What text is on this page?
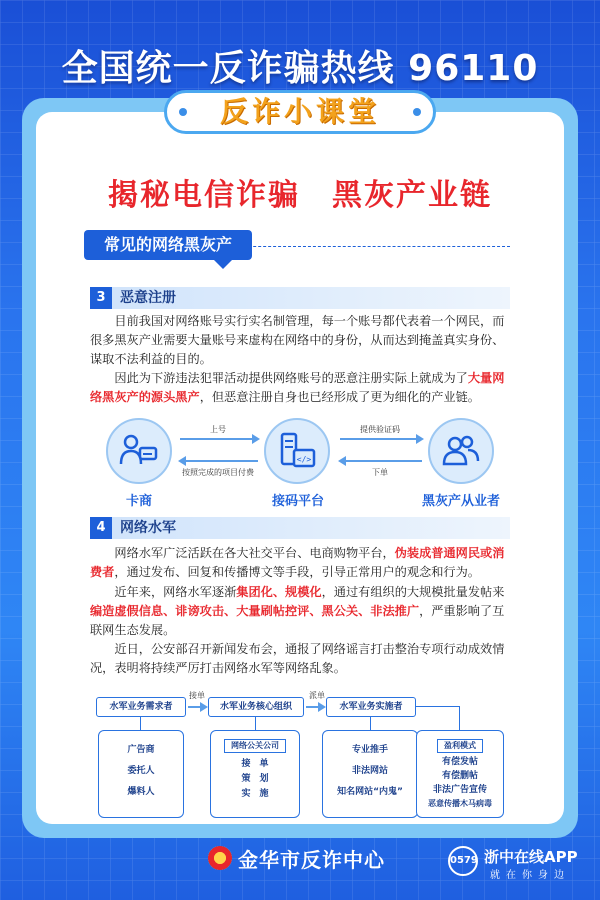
全国统一反诈骗热线 96110
反诈小课堂
揭秘电信诈骗　黑灰产业链
常见的网络黑灰产
3	恶意注册

目前我国对网络账号实行实名制管理，每一个账号都代表着一个网民，而很多黑灰产业需要大量账号来虚构在网络中的身份，从而达到掩盖真实身份、谋取不法利益的目的。

因此为下游违法犯罪活动提供网络账号的恶意注册实际上就成为了大量网络黑灰产的源头黑产，但恶意注册自身也已经形成了更为细化的产业链。

卡商
</>
接码平台	黑灰产从业者
上号
按照完成的项目付费
提供验证码
下单
4	网络水军

网络水军广泛活跃在各大社交平台、电商购物平台，伪装成普通网民或消费者，通过发布、回复和传播博文等手段，引导正常用户的观念和行为。

近年来，网络水军逐渐集团化、规模化，通过有组织的大规模批量发帖来编造虚假信息、诽谤攻击、大量刷帖控评、黑公关、非法推广，严重影响了互联网生态发展。

近日，公安部召开新闻发布会，通报了网络谣言打击整治专项行动成效情况，表明将持续严厉打击网络水军等网络乱象。

水军业务需求者
接单
水军业务核心组织
派单
水军业务实施者
广告商
委托人
爆料人
网络公关公司
接　单
策　划
实　施
专业推手
非法网站
知名网站“内鬼”
盈利模式
有偿发帖
有偿删帖
非法广告宣传
恶意传播木马病毒
金华市反诈中心	0579 浙中在线APP
就在你身边
